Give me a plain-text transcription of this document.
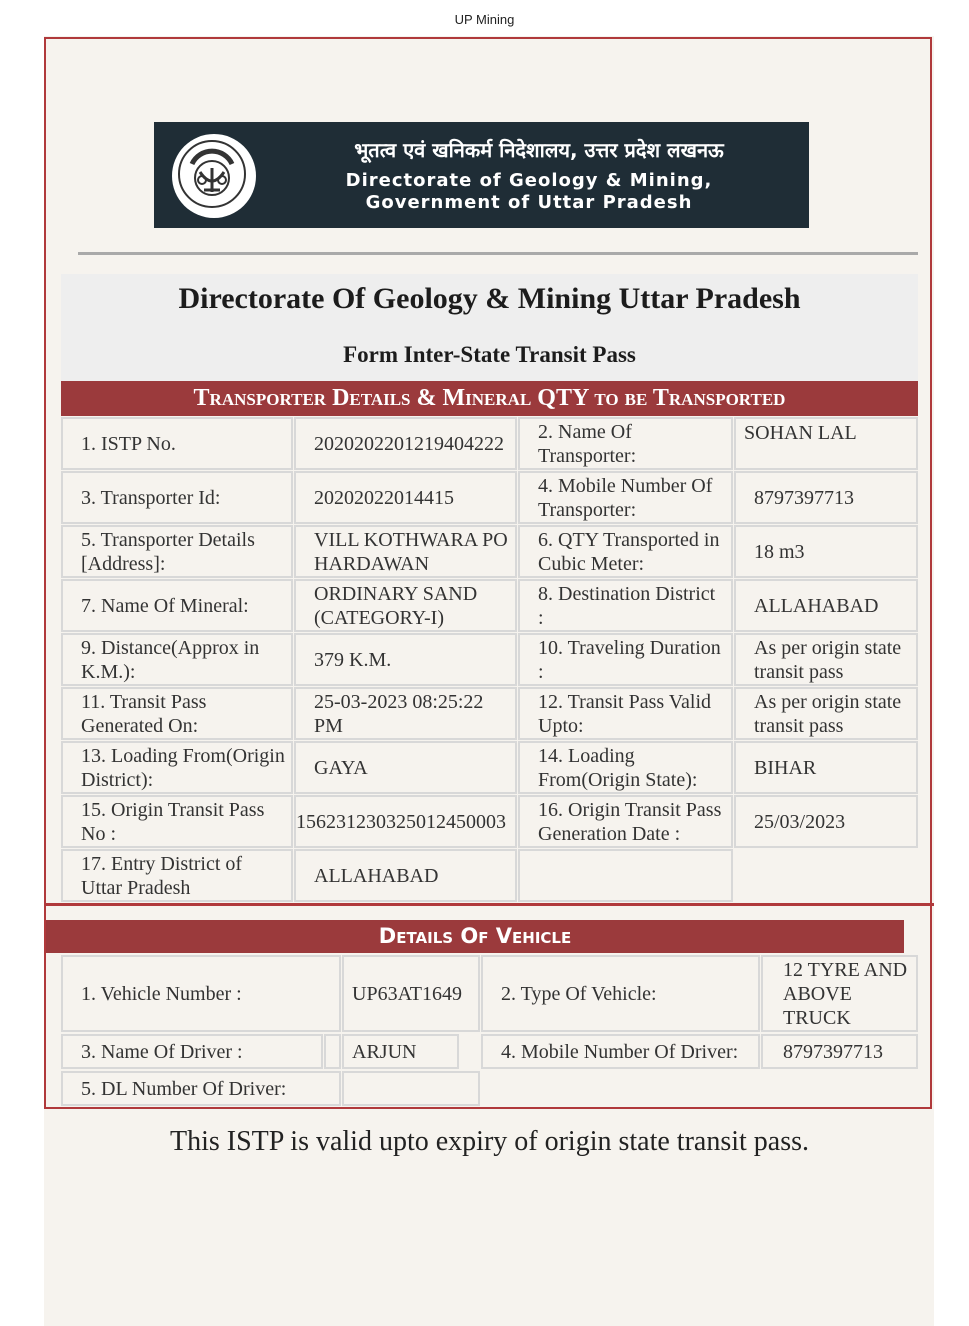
UP Mining
भूतत्व एवं खनिकर्म निदेशालय, उत्तर प्रदेश लखनऊ
Directorate of Geology & Mining,
Government of Uttar Pradesh
Directorate Of Geology & Mining Uttar Pradesh
Form Inter-State Transit Pass
Transporter Details & Mineral QTY to be Transported
1. ISTP No.	2020202201219404222
2. Name Of Transporter:
SOHAN LAL
3. Transporter Id:	20202022014415
4. Mobile Number Of Transporter:
8797397713
5. Transporter Details [Address]:
VILL KOTHWARA PO HARDAWAN
6. QTY Transported in Cubic Meter:
18 m3
7. Name Of Mineral:
ORDINARY SAND (CATEGORY-I)
8. Destination District :
ALLAHABAD
9. Distance(Approx in K.M.):
379 K.M.
10. Traveling Duration :
As per origin state transit pass
11. Transit Pass Generated On:
25-03-2023 08:25:22 PM
12. Transit Pass Valid Upto:
As per origin state transit pass
13. Loading From(Origin District):
GAYA
14. Loading From(Origin State):
BIHAR
15. Origin Transit Pass No :
156231230325012450003
16. Origin Transit Pass Generation Date :
25/03/2023
17. Entry District of Uttar Pradesh
ALLAHABAD
Details Of Vehicle
1. Vehicle Number :	UP63AT1649 2. Type Of Vehicle:
12 TYRE AND ABOVE TRUCK
3. Name Of Driver :	ARJUN	4. Mobile Number Of Driver: 8797397713
5. DL Number Of Driver:
This ISTP is valid upto expiry of origin state transit pass.
